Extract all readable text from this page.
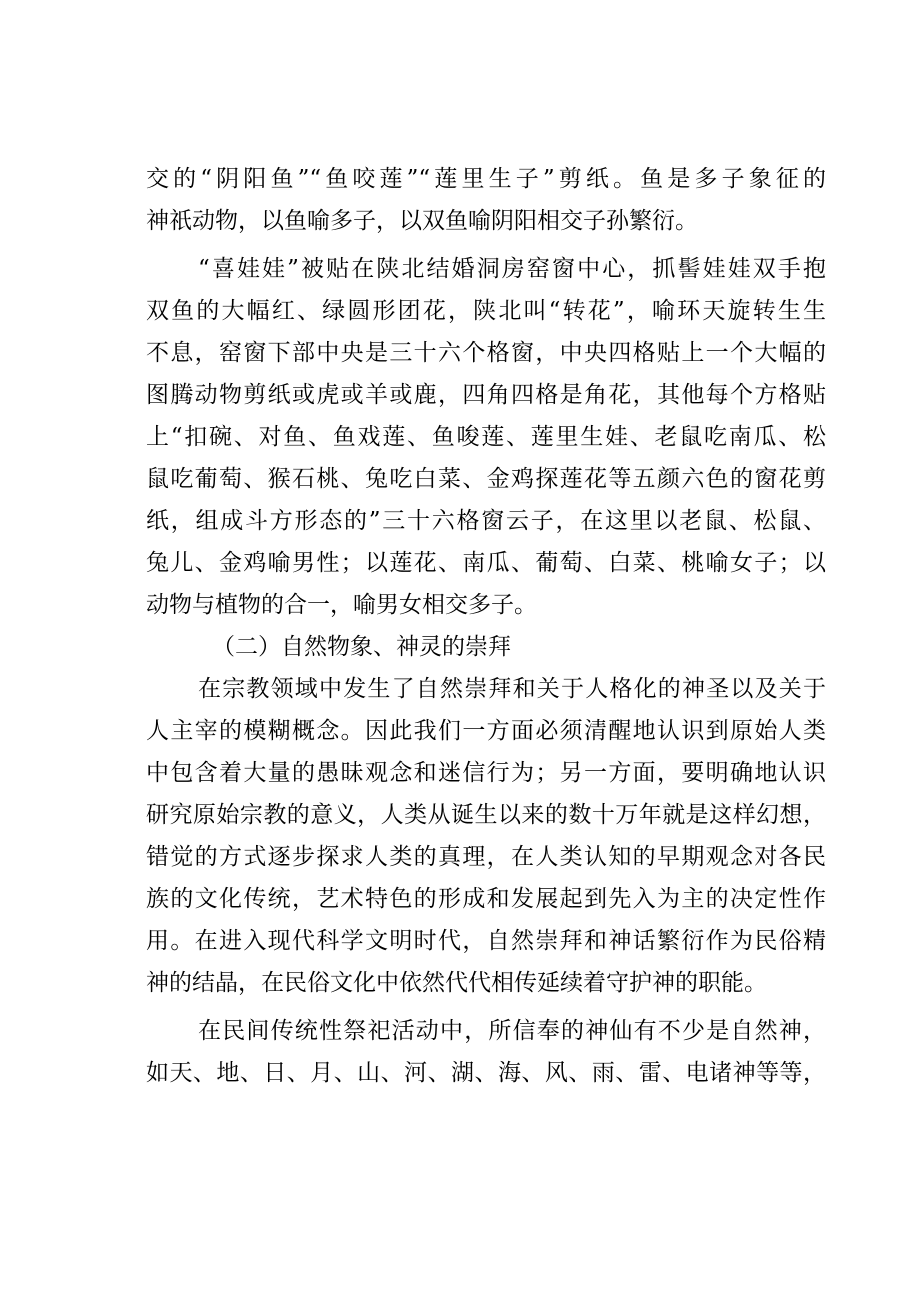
交的“阴阳鱼”“鱼咬莲”“莲里生子”剪纸。鱼是多子象征的
神祇动物，以鱼喻多子，以双鱼喻阴阳相交子孙繁衍。
“喜娃娃”被贴在陕北结婚洞房窑窗中心，抓髻娃娃双手抱
双鱼的大幅红、绿圆形团花，陕北叫“转花”，喻环天旋转生生
不息，窑窗下部中央是三十六个格窗，中央四格贴上一个大幅的
图腾动物剪纸或虎或羊或鹿，四角四格是角花，其他每个方格贴
上“扣碗、对鱼、鱼戏莲、鱼唆莲、莲里生娃、老鼠吃南瓜、松
鼠吃葡萄、猴石桃、兔吃白菜、金鸡探莲花等五颜六色的窗花剪
纸，组成斗方形态的”三十六格窗云子，在这里以老鼠、松鼠、
兔儿、金鸡喻男性；以莲花、南瓜、葡萄、白菜、桃喻女子；以
动物与植物的合一，喻男女相交多子。
（二）自然物象、神灵的崇拜
在宗教领域中发生了自然崇拜和关于人格化的神圣以及关于
人主宰的模糊概念。因此我们一方面必须清醒地认识到原始人类
中包含着大量的愚昧观念和迷信行为；另一方面，要明确地认识
研究原始宗教的意义，人类从诞生以来的数十万年就是这样幻想，
错觉的方式逐步探求人类的真理，在人类认知的早期观念对各民
族的文化传统，艺术特色的形成和发展起到先入为主的决定性作
用。在进入现代科学文明时代，自然崇拜和神话繁衍作为民俗精
神的结晶，在民俗文化中依然代代相传延续着守护神的职能。
在民间传统性祭祀活动中，所信奉的神仙有不少是自然神，
如天、地、日、月、山、河、湖、海、风、雨、雷、电诸神等等，
